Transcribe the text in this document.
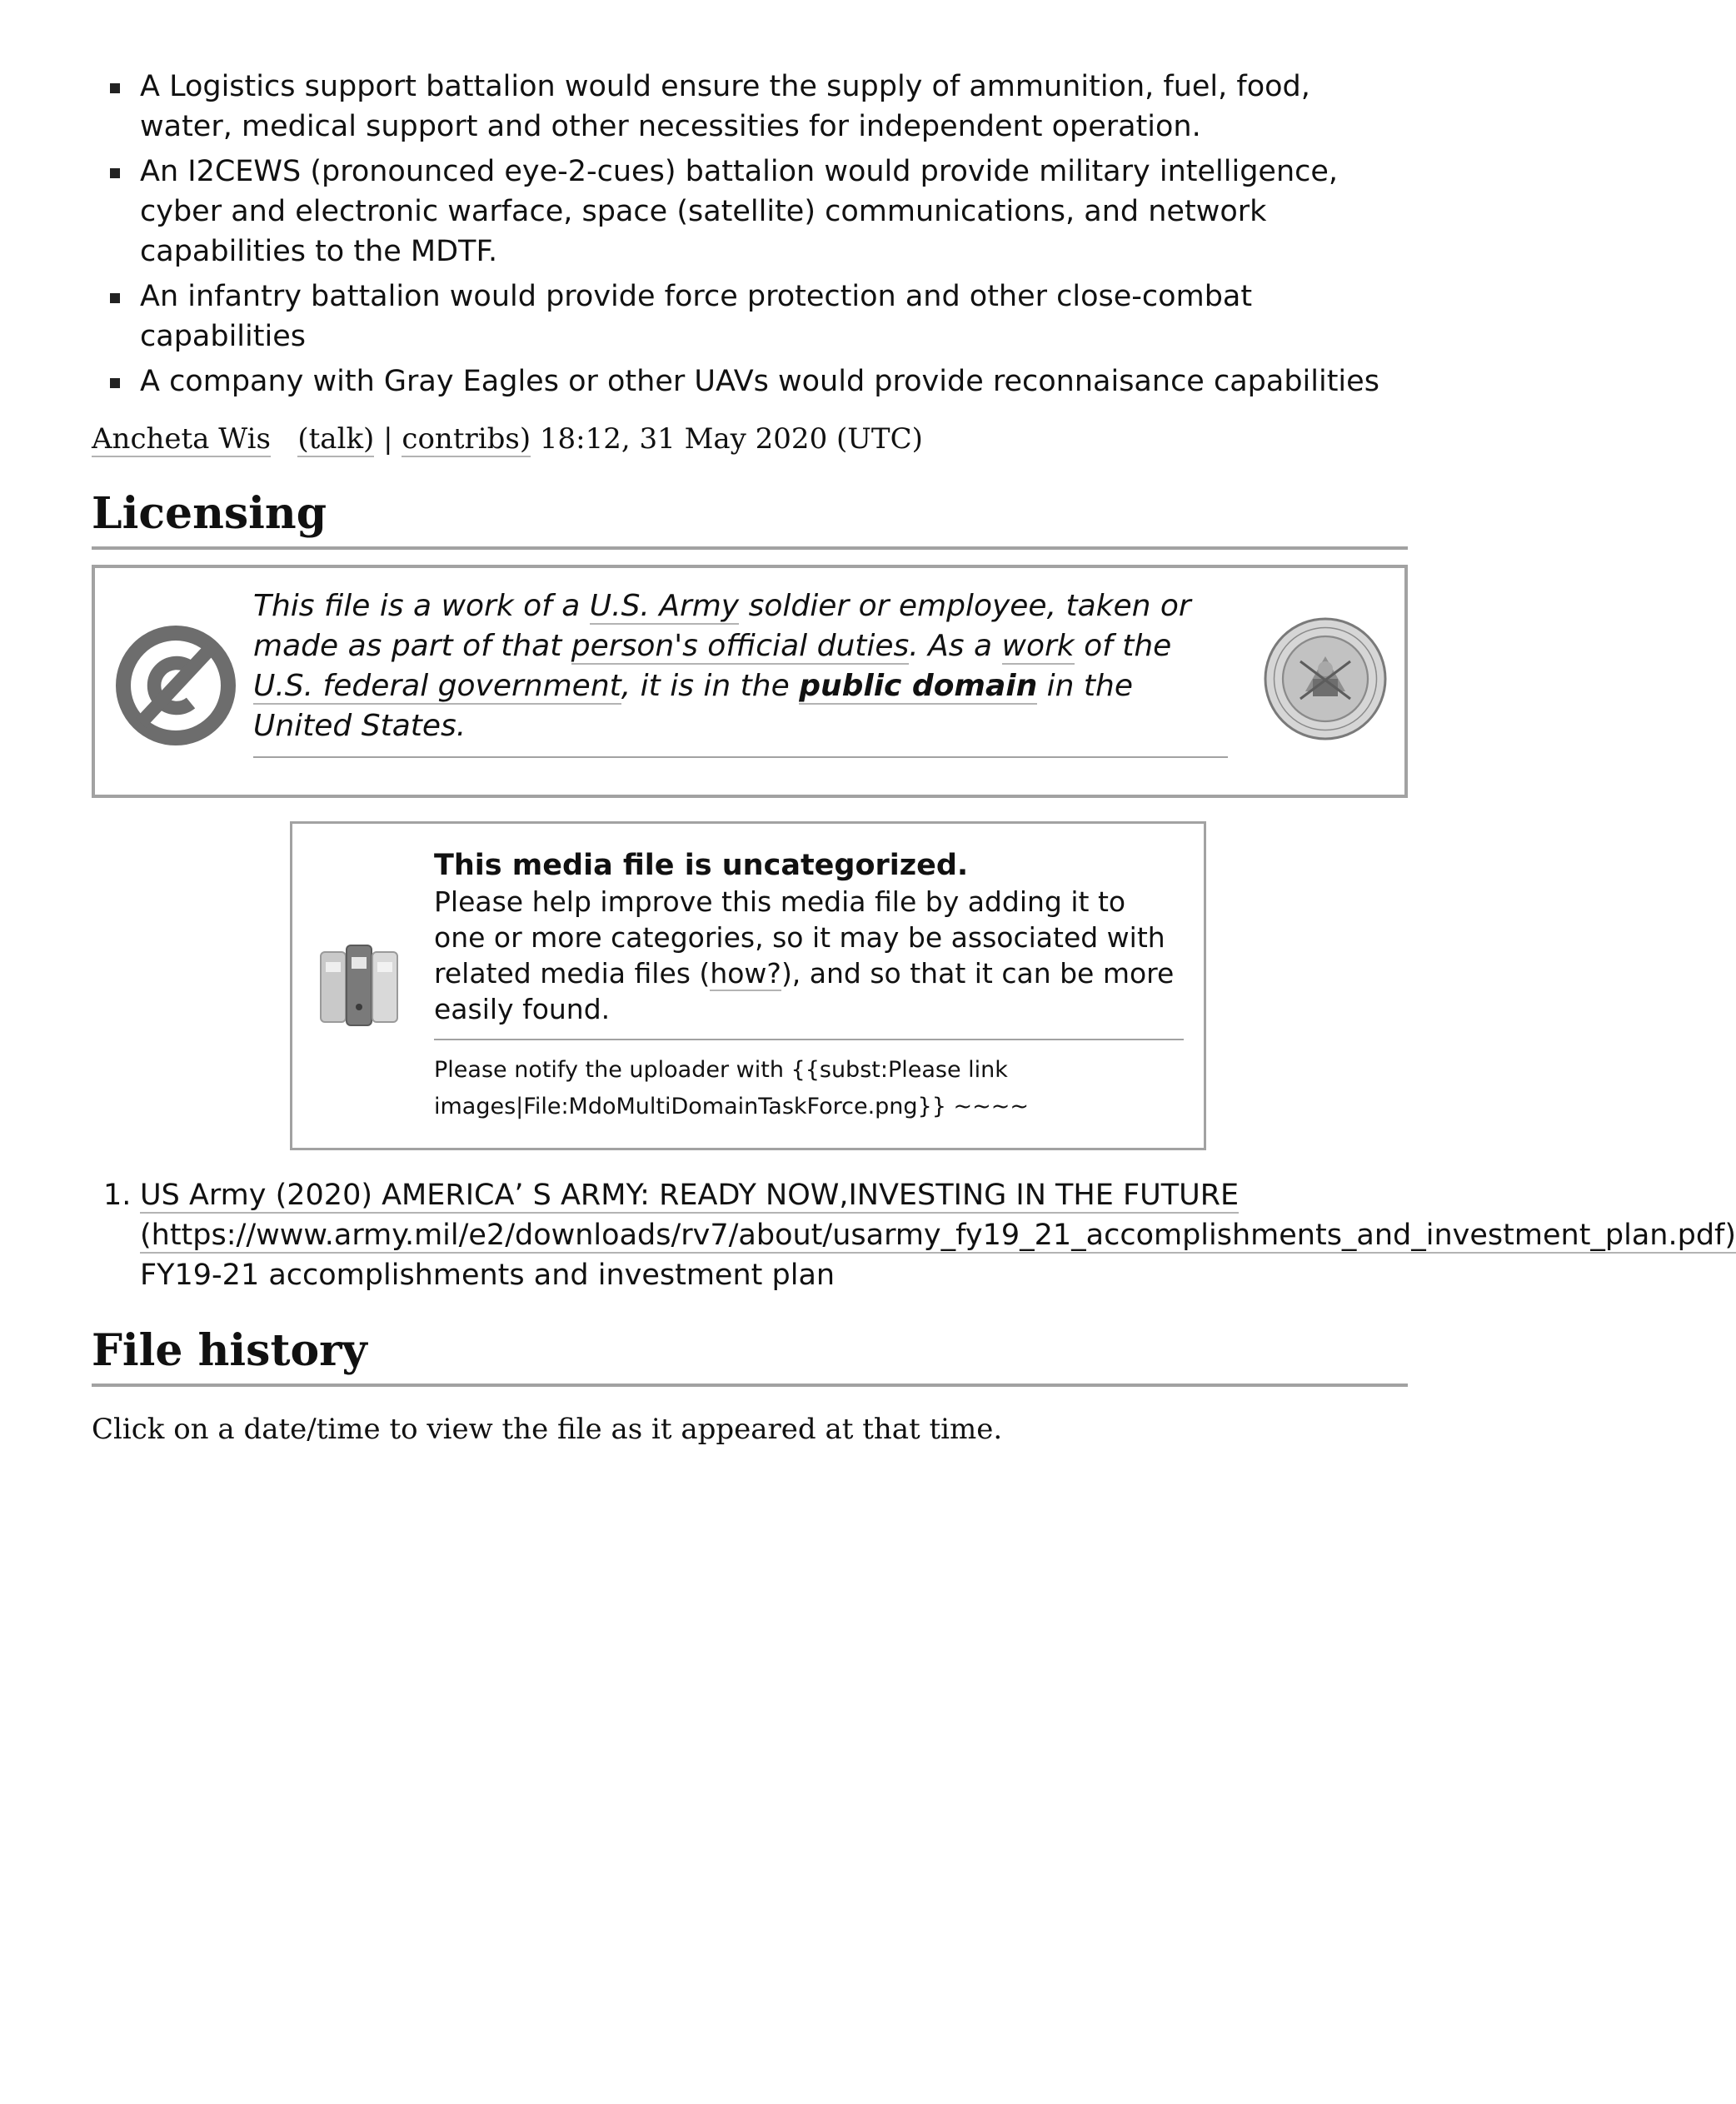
A Logistics support battalion would ensure the supply of ammunition, fuel, food, water, medical support and other necessities for independent operation.
An I2CEWS (pronounced eye-2-cues) battalion would provide military intelligence, cyber and electronic warface, space (satellite) communications, and network capabilities to the MDTF.
An infantry battalion would provide force protection and other close-combat capabilities
A company with Gray Eagles or other UAVs would provide reconnaisance capabilities
Ancheta Wis (talk) | contribs) 18:12, 31 May 2020 (UTC)
Licensing
This file is a work of a U.S. Army soldier or employee, taken or made as part of that person's official duties. As a work of the U.S. federal government, it is in the public domain in the United States.
This media file is uncategorized.
Please help improve this media file by adding it to one or more categories, so it may be associated with related media files (how?), and so that it can be more easily found.
Please notify the uploader with {{subst:Please link images|File:MdoMultiDomainTaskForce.png}} ~~~~
1. US Army (2020) AMERICA’ S ARMY: READY NOW,INVESTING IN THE FUTURE (https://www.army.mil/e2/downloads/rv7/about/usarmy_fy19_21_accomplishments_and_investment_plan.pdf) FY19-21 accomplishments and investment plan
File history
Click on a date/time to view the file as it appeared at that time.
